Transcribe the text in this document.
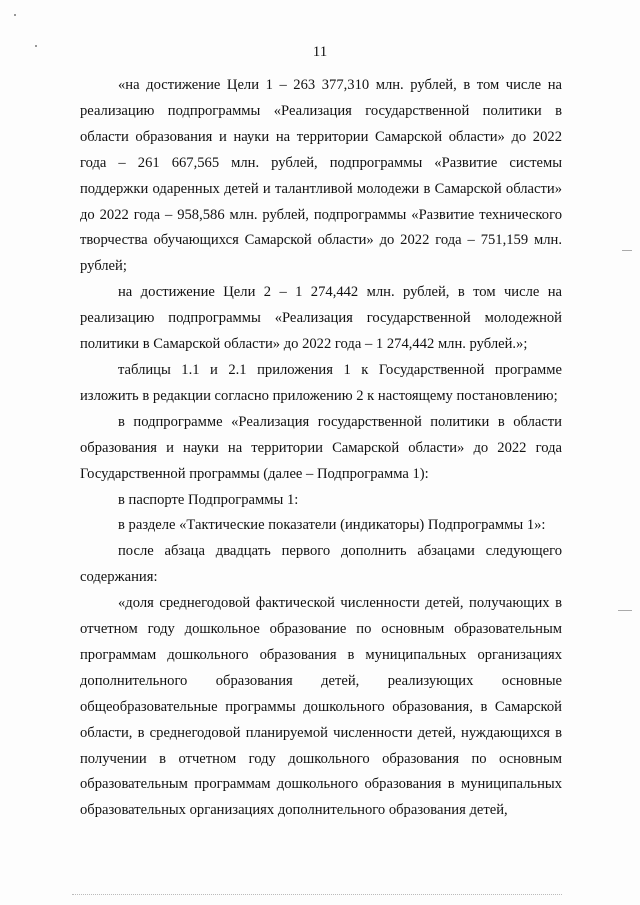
11

«на достижение Цели 1 – 263 377,310 млн. рублей, в том числе на реализацию подпрограммы «Реализация государственной политики в области образования и науки на территории Самарской области» до 2022 года – 261 667,565 млн. рублей, подпрограммы «Развитие системы поддержки одаренных детей и талантливой молодежи в Самарской области» до 2022 года – 958,586 млн. рублей, подпрограммы «Развитие технического творчества обучающихся Самарской области» до 2022 года – 751,159 млн. рублей;

на достижение Цели 2 – 1 274,442 млн. рублей, в том числе на реализацию подпрограммы «Реализация государственной молодежной политики в Самарской области» до 2022 года – 1 274,442 млн. рублей.»;

таблицы 1.1 и 2.1 приложения 1 к Государственной программе изложить в редакции согласно приложению 2 к настоящему постановлению;

в подпрограмме «Реализация государственной политики в области образования и науки на территории Самарской области» до 2022 года Государственной программы (далее – Подпрограмма 1):

в паспорте Подпрограммы 1:

в разделе «Тактические показатели (индикаторы) Подпрограммы 1»:

после абзаца двадцать первого дополнить абзацами следующего содержания:

«доля среднегодовой фактической численности детей, получающих в отчетном году дошкольное образование по основным образовательным программам дошкольного образования в муниципальных организациях дополнительного образования детей, реализующих основные общеобразовательные программы дошкольного образования, в Самарской области, в среднегодовой планируемой численности детей, нуждающихся в получении в отчетном году дошкольного образования по основным образовательным программам дошкольного образования в муниципальных образовательных организациях дополнительного образования детей,
